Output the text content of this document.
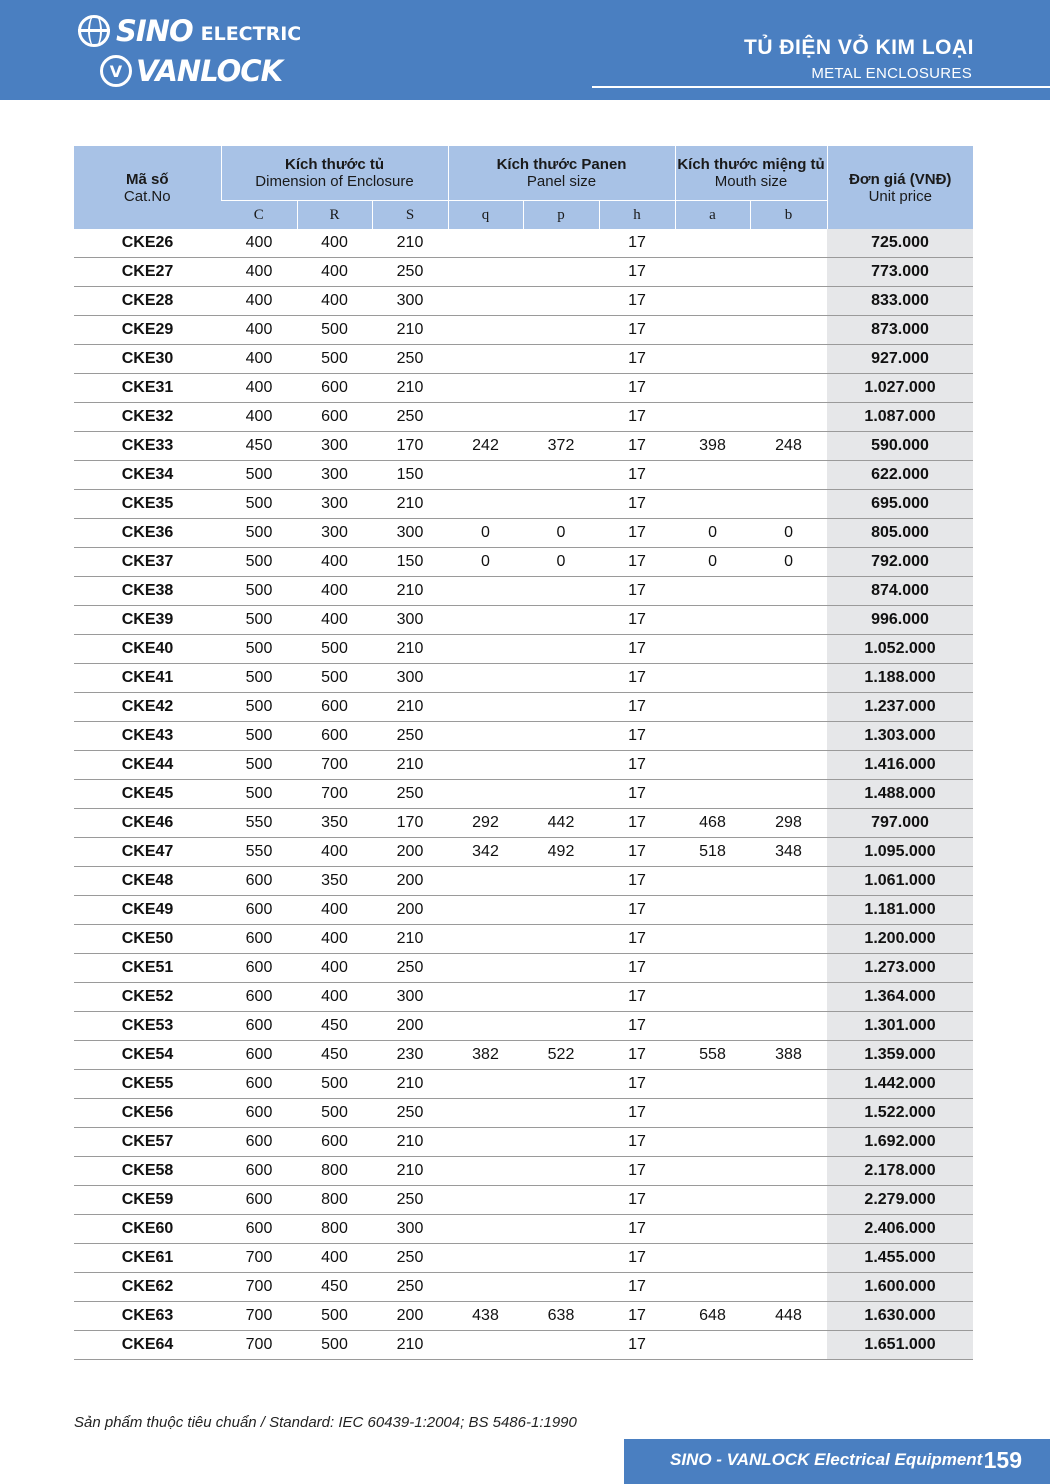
SINO ELECTRIC
V VANLOCK
TỦ ĐIỆN VỎ KIM LOẠI
METAL ENCLOSURES
Mã số
Cat.No	Kích thước tủ
Dimension of Enclosure			Kích thước Panen
Panel size			Kích thước miệng tủ
Mouth size		Đơn giá (VNĐ)
Unit price

	C	R	S	q	p	h	a	b	
CKE26	400	400	210			17			725.000
CKE27	400	400	250			17			773.000
CKE28	400	400	300			17			833.000
CKE29	400	500	210			17			873.000
CKE30	400	500	250			17			927.000
CKE31	400	600	210			17			1.027.000
CKE32	400	600	250			17			1.087.000
CKE33	450	300	170	242	372	17	398	248	590.000
CKE34	500	300	150			17			622.000
CKE35	500	300	210			17			695.000
CKE36	500	300	300	0	0	17	0	0	805.000
CKE37	500	400	150	0	0	17	0	0	792.000
CKE38	500	400	210			17			874.000
CKE39	500	400	300			17			996.000
CKE40	500	500	210			17			1.052.000
CKE41	500	500	300			17			1.188.000
CKE42	500	600	210			17			1.237.000
CKE43	500	600	250			17			1.303.000
CKE44	500	700	210			17			1.416.000
CKE45	500	700	250			17			1.488.000
CKE46	550	350	170	292	442	17	468	298	797.000
CKE47	550	400	200	342	492	17	518	348	1.095.000
CKE48	600	350	200			17			1.061.000
CKE49	600	400	200			17			1.181.000
CKE50	600	400	210			17			1.200.000
CKE51	600	400	250			17			1.273.000
CKE52	600	400	300			17			1.364.000
CKE53	600	450	200			17			1.301.000
CKE54	600	450	230	382	522	17	558	388	1.359.000
CKE55	600	500	210			17			1.442.000
CKE56	600	500	250			17			1.522.000
CKE57	600	600	210			17			1.692.000
CKE58	600	800	210			17			2.178.000
CKE59	600	800	250			17			2.279.000
CKE60	600	800	300			17			2.406.000
CKE61	700	400	250			17			1.455.000
CKE62	700	450	250			17			1.600.000
CKE63	700	500	200	438	638	17	648	448	1.630.000
CKE64	700	500	210			17			1.651.000
Sản phẩm thuộc tiêu chuẩn / Standard: IEC 60439-1:2004; BS 5486-1:1990
SINO - VANLOCK Electrical Equipment 159
